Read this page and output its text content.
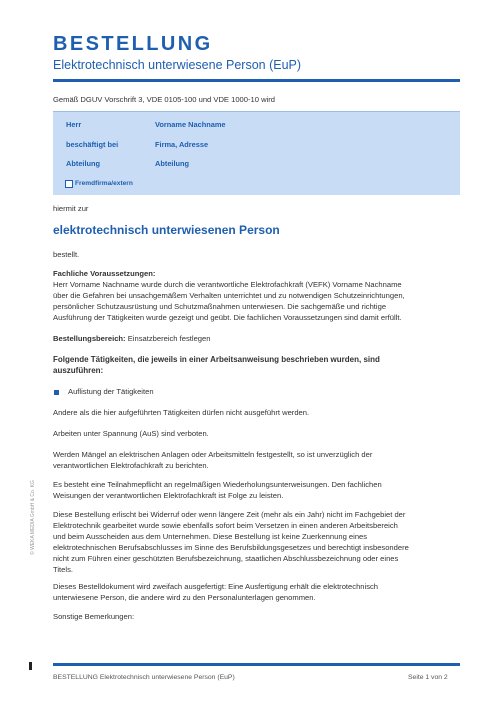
BESTELLUNG
Elektrotechnisch unterwiesene Person (EuP)
Gemäß DGUV Vorschrift 3, VDE 0105-100 und VDE 1000-10 wird
Herr	Vorname Nachname
beschäftigt bei	Firma, Adresse
Abteilung	Abteilung
Fremdfirma/extern
hiermit zur
elektrotechnisch unterwiesenen Person
bestellt.
Fachliche Voraussetzungen:
Herr Vorname Nachname wurde durch die verantwortliche Elektrofachkraft (VEFK) Vorname Nachname
über die Gefahren bei unsachgemäßem Verhalten unterrichtet und zu notwendigen Schutzeinrichtungen,
persönlicher Schutzausrüstung und Schutzmaßnahmen unterwiesen. Die sachgemäße und richtige
Ausführung der Tätigkeiten wurde gezeigt und geübt. Die fachlichen Voraussetzungen sind damit erfüllt.
Bestellungsbereich: Einsatzbereich festlegen
Folgende Tätigkeiten, die jeweils in einer Arbeitsanweisung beschrieben wurden, sind
auszuführen:
Auflistung der Tätigkeiten
Andere als die hier aufgeführten Tätigkeiten dürfen nicht ausgeführt werden.
Arbeiten unter Spannung (AuS) sind verboten.
Werden Mängel an elektrischen Anlagen oder Arbeitsmitteln festgestellt, so ist unverzüglich der
verantwortlichen Elektrofachkraft zu berichten.
Es besteht eine Teilnahmepflicht an regelmäßigen Wiederholungsunterweisungen. Den fachlichen
Weisungen der verantwortlichen Elektrofachkraft ist Folge zu leisten.
Diese Bestellung erlischt bei Widerruf oder wenn längere Zeit (mehr als ein Jahr) nicht im Fachgebiet der
Elektrotechnik gearbeitet wurde sowie ebenfalls sofort beim Versetzen in einen anderen Arbeitsbereich
und beim Ausscheiden aus dem Unternehmen. Diese Bestellung ist keine Zuerkennung eines
elektrotechnischen Berufsabschlusses im Sinne des Berufsbildungsgesetzes und berechtigt insbesondere
nicht zum Führen einer geschützten Berufsbezeichnung, staatlichen Abschlussbezeichnung oder eines
Titels.
Dieses Bestelldokument wird zweifach ausgefertigt: Eine Ausfertigung erhält die elektrotechnisch
unterwiesene Person, die andere wird zu den Personalunterlagen genommen.
Sonstige Bemerkungen:
© WEKA MEDIA GmbH & Co. KG
BESTELLUNG Elektrotechnisch unterwiesene Person (EuP)	Seite 1 von 2
